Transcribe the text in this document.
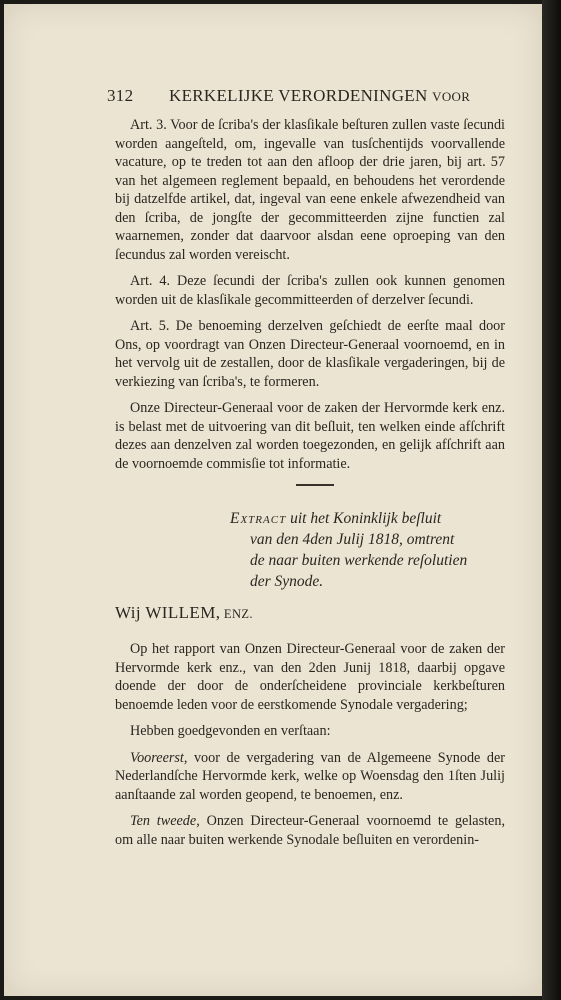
312 KERKELIJKE VERORDENINGEN VOOR

Art. 3. Voor de ſcriba's der klasſikale beſturen zullen vaste ſecundi worden aangeſteld, om, ingevalle van tusſchentijds voorvallende vacature, op te treden tot aan den afloop der drie jaren, bij art. 57 van het algemeen reglement bepaald, en behoudens het verordende bij datzelfde artikel, dat, ingeval van eene enkele afwezendheid van den ſcriba, de jongſte der gecommitteerden zijne functien zal waarnemen, zonder dat daarvoor alsdan eene oproeping van den ſecundus zal worden vereischt.

Art. 4. Deze ſecundi der ſcriba's zullen ook kunnen genomen worden uit de klasſikale gecommitteerden of derzelver ſecundi.

Art. 5. De benoeming derzelven geſchiedt de eerſte maal door Ons, op voordragt van Onzen Directeur-Generaal voornoemd, en in het vervolg uit de zestallen, door de klasſikale vergaderingen, bij de verkiezing van ſcriba's, te formeren.

Onze Directeur-Generaal voor de zaken der Hervormde kerk enz. is belast met de uitvoering van dit beſluit, ten welken einde afſchrift dezes aan denzelven zal worden toegezonden, en gelijk afſchrift aan de voornoemde commisſie tot informatie.

Extract uit het Koninklijk beſluit
van den 4den Julij 1818, omtrent
de naar buiten werkende reſolutien
der Synode.
Wij WILLEM, ENZ.

Op het rapport van Onzen Directeur-Generaal voor de zaken der Hervormde kerk enz., van den 2den Junij 1818, daarbij opgave doende der door de onderſcheidene provinciale kerkbeſturen benoemde leden voor de eerstkomende Synodale vergadering;

Hebben goedgevonden en verſtaan:

Vooreerst, voor de vergadering van de Algemeene Synode der Nederlandſche Hervormde kerk, welke op Woensdag den 1ſten Julij aanſtaande zal worden geopend, te benoemen, enz.

Ten tweede, Onzen Directeur-Generaal voornoemd te gelasten, om alle naar buiten werkende Synodale beſluiten en verordenin-
